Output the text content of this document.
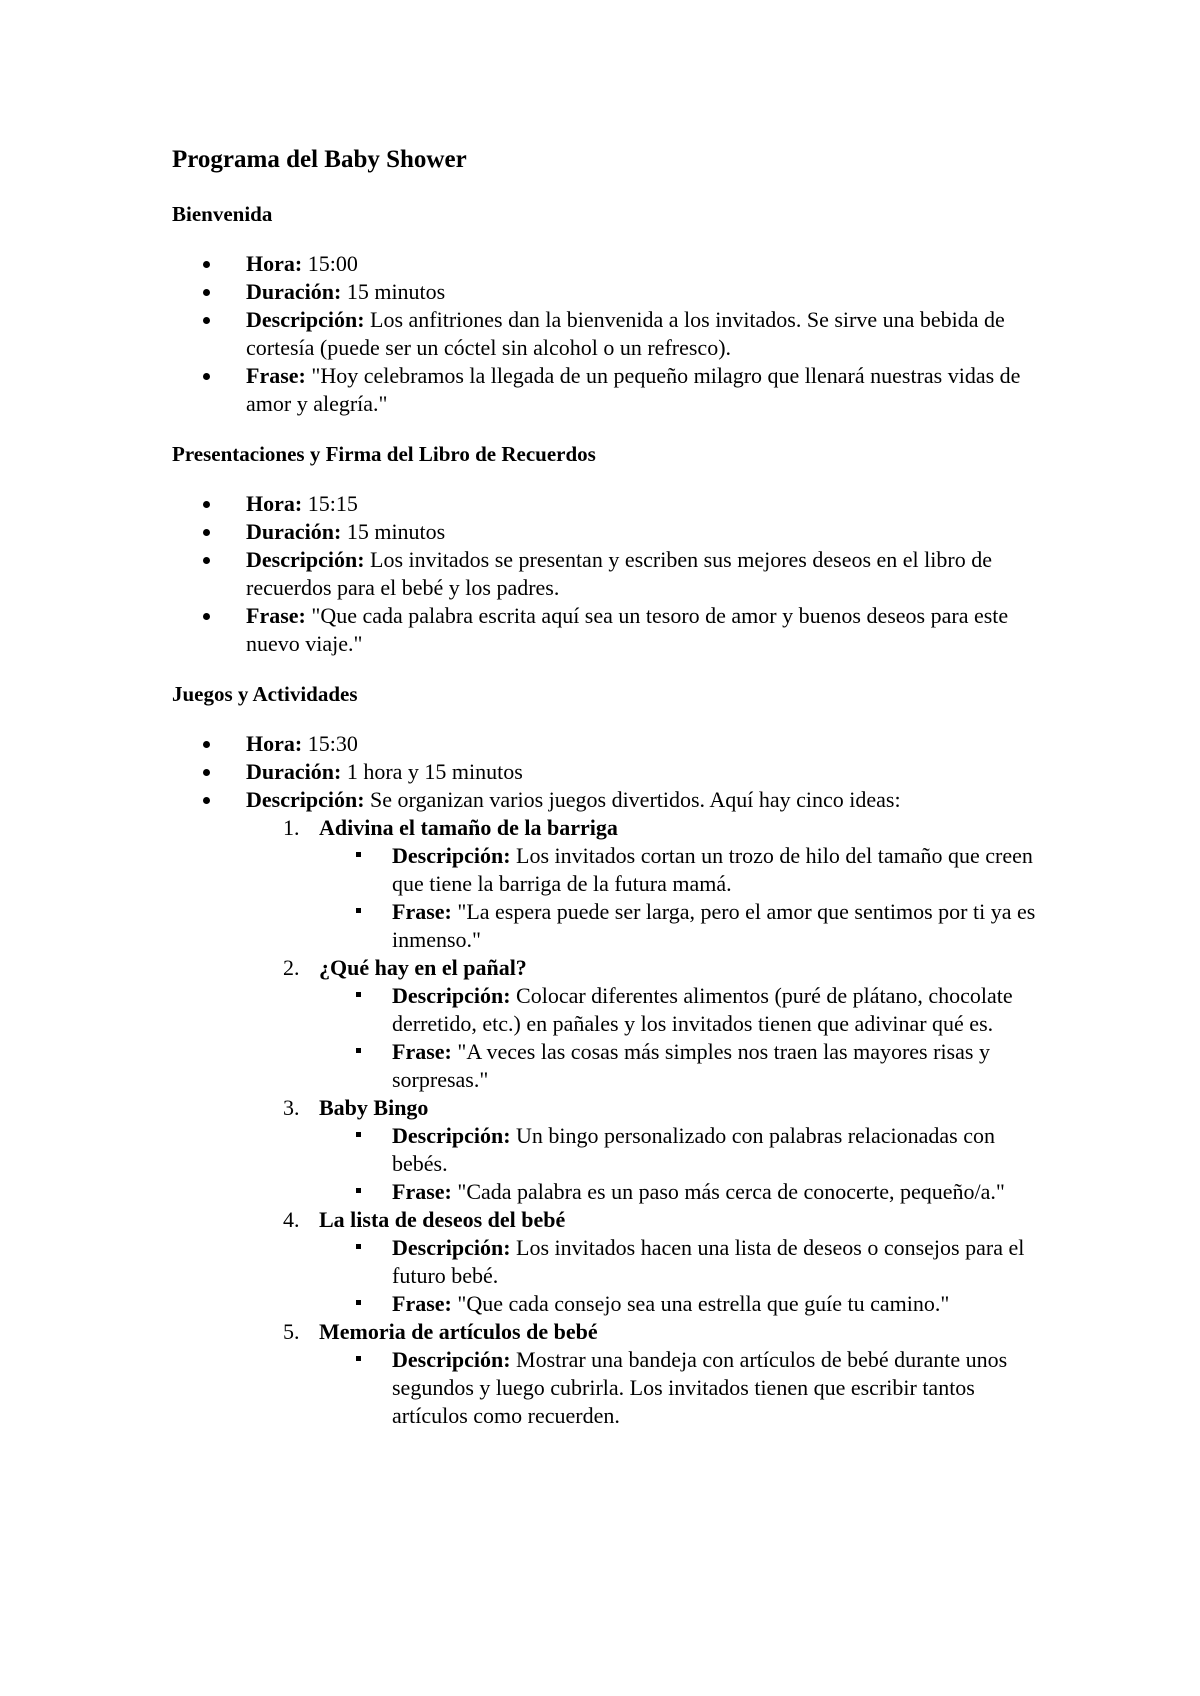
Programa del Baby Shower
Bienvenida
Hora: 15:00
Duración: 15 minutos
Descripción: Los anfitriones dan la bienvenida a los invitados. Se sirve una bebida de cortesía (puede ser un cóctel sin alcohol o un refresco).
Frase: "Hoy celebramos la llegada de un pequeño milagro que llenará nuestras vidas de amor y alegría."
Presentaciones y Firma del Libro de Recuerdos
Hora: 15:15
Duración: 15 minutos
Descripción: Los invitados se presentan y escriben sus mejores deseos en el libro de recuerdos para el bebé y los padres.
Frase: "Que cada palabra escrita aquí sea un tesoro de amor y buenos deseos para este nuevo viaje."
Juegos y Actividades
Hora: 15:30
Duración: 1 hora y 15 minutos
Descripción: Se organizan varios juegos divertidos. Aquí hay cinco ideas:
1. Adivina el tamaño de la barriga
Descripción: Los invitados cortan un trozo de hilo del tamaño que creen que tiene la barriga de la futura mamá.
Frase: "La espera puede ser larga, pero el amor que sentimos por ti ya es inmenso."
2. ¿Qué hay en el pañal?
Descripción: Colocar diferentes alimentos (puré de plátano, chocolate derretido, etc.) en pañales y los invitados tienen que adivinar qué es.
Frase: "A veces las cosas más simples nos traen las mayores risas y sorpresas."
3. Baby Bingo
Descripción: Un bingo personalizado con palabras relacionadas con bebés.
Frase: "Cada palabra es un paso más cerca de conocerte, pequeño/a."
4. La lista de deseos del bebé
Descripción: Los invitados hacen una lista de deseos o consejos para el futuro bebé.
Frase: "Que cada consejo sea una estrella que guíe tu camino."
5. Memoria de artículos de bebé
Descripción: Mostrar una bandeja con artículos de bebé durante unos segundos y luego cubrirla. Los invitados tienen que escribir tantos artículos como recuerden.
